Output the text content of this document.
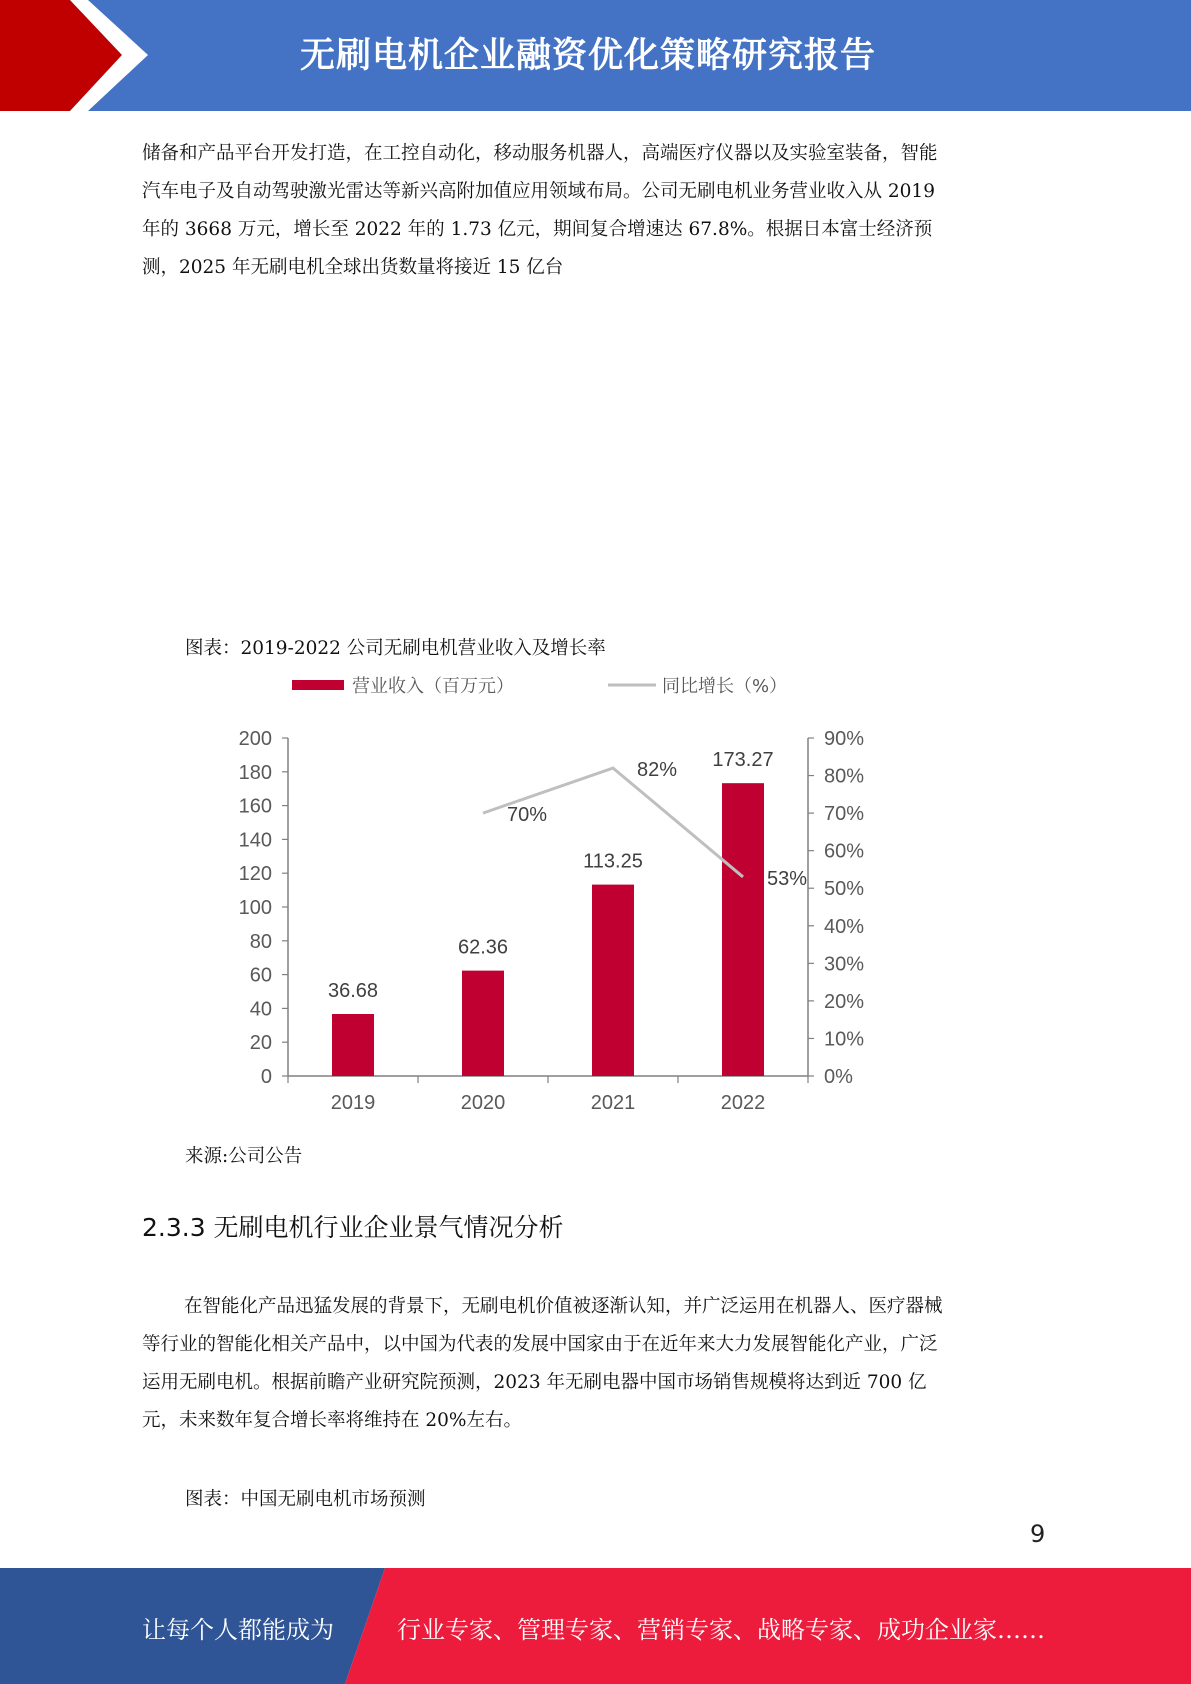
无刷电机企业融资优化策略研究报告

储备和产品平台开发打造，在工控自动化，移动服务机器人，高端医疗仪器以及实验室装备，智能

汽车电子及自动驾驶激光雷达等新兴高附加值应用领域布局。公司无刷电机业务营业收入从 2019

年的 3668 万元，增长至 2022 年的 1.73 亿元，期间复合增速达 67.8%。根据日本富士经济预

测，2025 年无刷电机全球出货数量将接近 15 亿台

图表：2019-2022 公司无刷电机营业收入及增长率
营业收入（百万元）	同比增长（%）
0
20
40
60
80
100
120
140
160
180
200
0%
10%
20%
30%
40%
50%
60%
70%
80%
90%
2019
36.68
2020
62.36
2021
113.25
2022
173.27
70%
82%
53%
来源:公司公告
2.3.3 无刷电机行业企业景气情况分析

在智能化产品迅猛发展的背景下，无刷电机价值被逐渐认知，并广泛运用在机器人、医疗器械

等行业的智能化相关产品中，以中国为代表的发展中国家由于在近年来大力发展智能化产业，广泛

运用无刷电机。根据前瞻产业研究院预测，2023 年无刷电器中国市场销售规模将达到近 700 亿

元，未来数年复合增长率将维持在 20%左右。

图表：中国无刷电机市场预测
9
让每个人都能成为	行业专家、管理专家、营销专家、战略专家、成功企业家……
